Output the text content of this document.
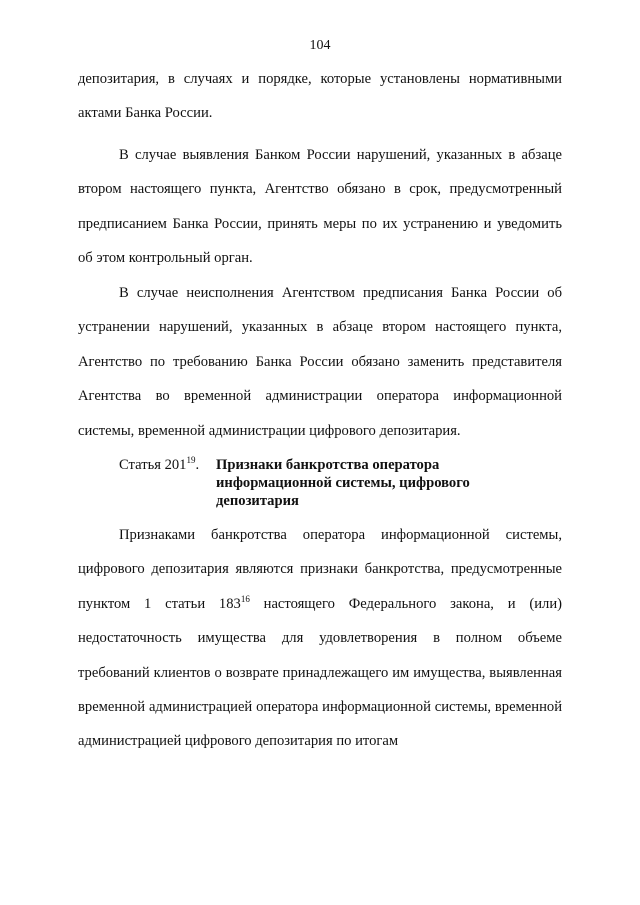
104

депозитария, в случаях и порядке, которые установлены нормативными актами Банка России.

В случае выявления Банком России нарушений, указанных в абзаце втором настоящего пункта, Агентство обязано в срок, предусмотренный предписанием Банка России, принять меры по их устранению и уведомить об этом контрольный орган.

В случае неисполнения Агентством предписания Банка России об устранении нарушений, указанных в абзаце втором настоящего пункта, Агентство по требованию Банка России обязано заменить представителя Агентства во временной администрации оператора информационной системы, временной администрации цифрового депозитария.

Статья $201^{19}$. Признаки банкротства оператора
информационной системы, цифрового
депозитария

Признаками банкротства оператора информационной системы, цифрового депозитария являются признаки банкротства, предусмотренные пунктом 1 статьи $183^{16}$ настоящего Федерального закона, и (или) недостаточность имущества для удовлетворения в полном объеме требований клиентов о возврате принадлежащего им имущества, выявленная временной администрацией оператора информационной системы, временной администрацией цифрового депозитария по итогам
